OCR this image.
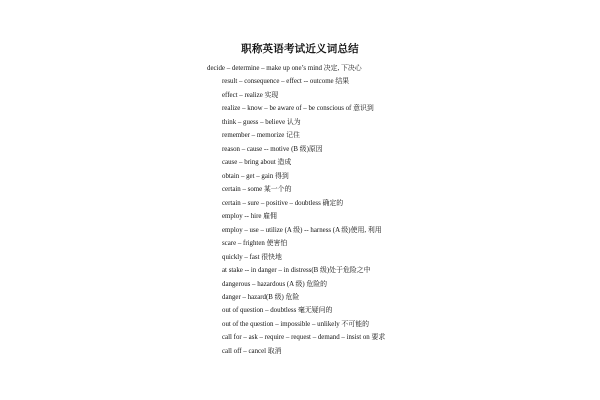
职称英语考试近义词总结
decide – determine – make up one’s mind 决定, 下决心
result – consequence – effect -- outcome 结果
effect – realize 实现
realize – know – be aware of – be conscious of 意识到
think – guess – believe 认为
remember – memorize 记住
reason – cause -- motive (B 级)原因
cause – bring about 造成
obtain – get – gain 得到
certain – some 某一个的
certain – sure – positive – doubtless 确定的
employ -- hire 雇佣
employ – use – utilize (A 级) -- harness (A 级)使用, 利用
scare – frighten 使害怕
quickly – fast 很快地
at stake -- in danger – in distress(B 级)处于危险之中
dangerous – hazardous (A 级) 危险的
danger – hazard(B 级) 危险
out of question – doubtless 毫无疑问的
out of the question – impossible – unlikely 不可能的
call for – ask – require – request – demand – insist on 要求
call off – cancel 取消
